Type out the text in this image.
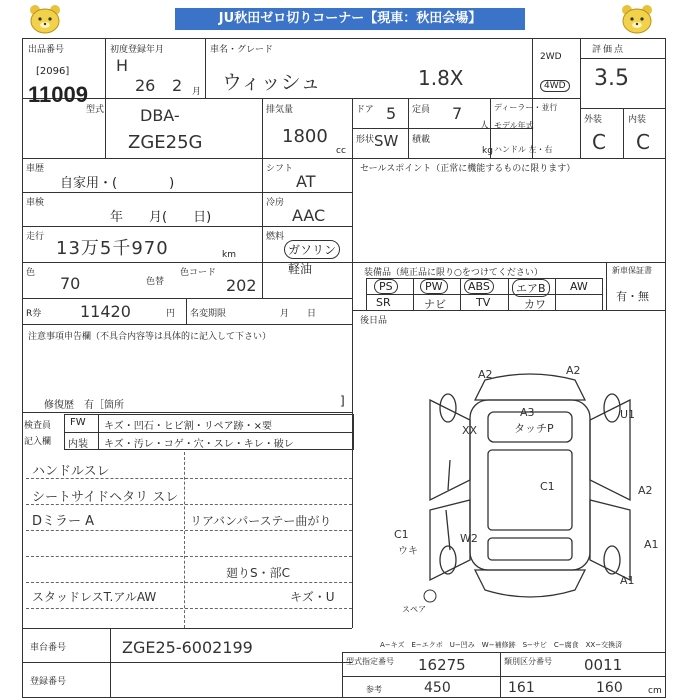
JU秋田ゼロ切りコーナー【現車：秋田会場】
出品番号
[2096]
11009
初度登録年月
H
26 2 月
車名・グレード
ウィッシュ	1.8X
2WD
4WD
評価点
3.5
型式 DBA-
ZGE25G
排気量
1800
cc
ドア 5 定員 7
人
形状 SW 積載
kg
ディーラー・並行
モデル年式
ハンドル 左・右
外装	内装
C C
車歴
自家用・(　　　　)
シフト
AT
車検
年　　月(　　日)
冷房
AAC
走行
13万5千970	km
燃料
ガソリン
軽油
色
70	色替
色コード
202
R券 11420	円 名変期限	月　　日
セールスポイント（正常に機能するものに限ります）
装備品（純正品に限り○をつけてください）	新車保証書
有・無
後日品
PS	PW	ABS	エアB	AW
SR	ナビ	TV	カワ
注意事項申告欄（不具合内容等は具体的に記入して下さい）
修復歴　有［箇所	]
検査員
記入欄
FW キズ・凹石・ヒビ割・リペア跡・×要
内装 キズ・汚レ・コゲ・穴・スレ・キレ・破レ
ハンドルスレ
シートサイドヘタリ スレ
Dミラー A	リアバンパーステー曲がり
廻りS・部C
キズ・U
スタッドレスT.アルAW
A2	A2
A3
タッチP
U1
XX
C1	A2
C1
ウキ
W2	A1
A1
スペア
A−キズ　E−エクボ　U−凹み　W−補修跡　S−サビ　C−腐食　XX−交換済
車台番号	ZGE25-6002199
登録番号
型式指定番号 16275	類別区分番号 0011
参考	450	161	160	cm
